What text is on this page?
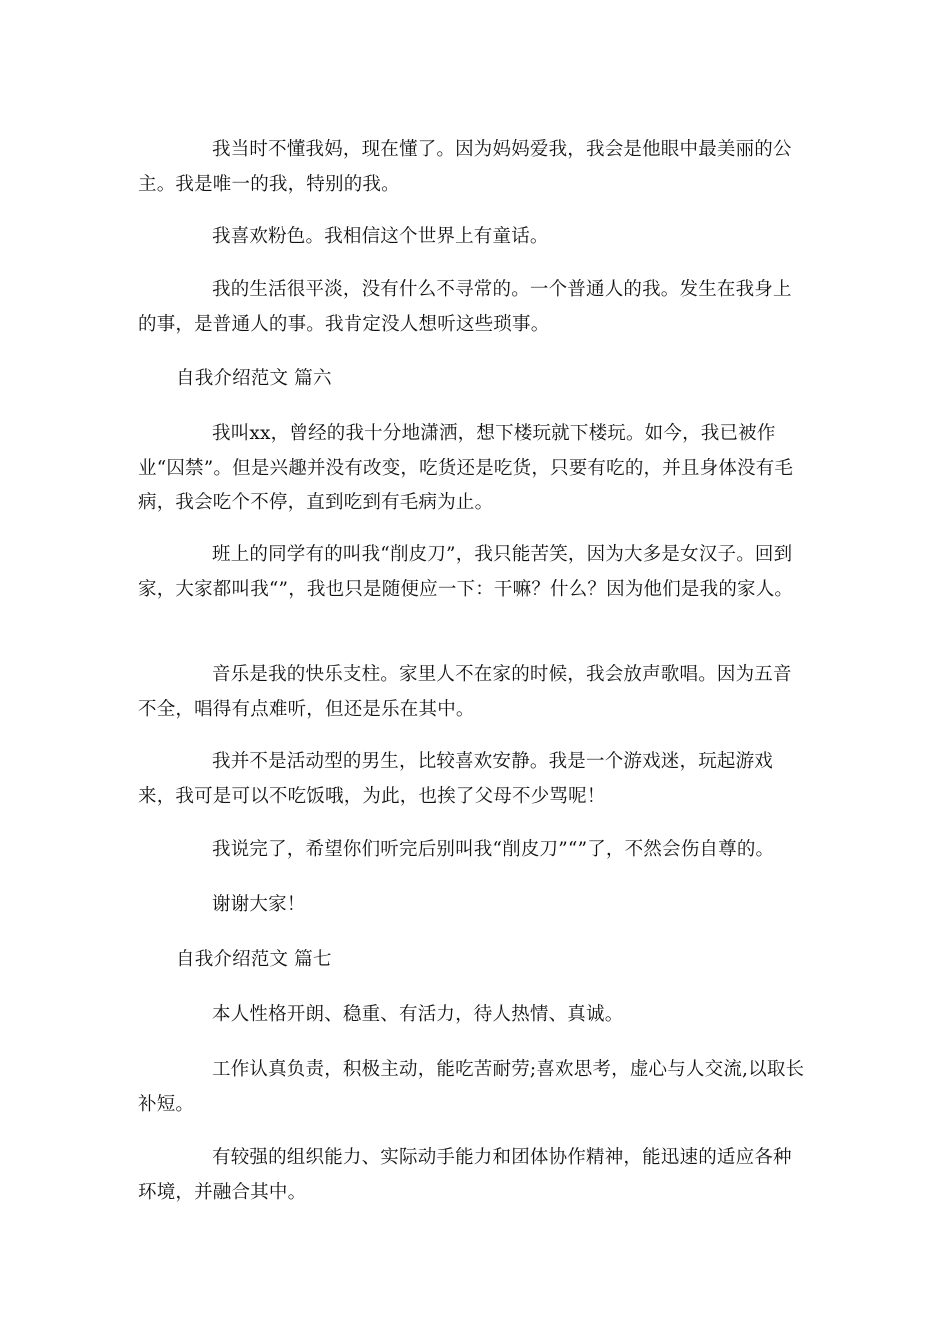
我当时不懂我妈，现在懂了。因为妈妈爱我，我会是他眼中最美丽的公主。我是唯一的我，特别的我。

我喜欢粉色。我相信这个世界上有童话。

我的生活很平淡，没有什么不寻常的。一个普通人的我。发生在我身上的事，是普通人的事。我肯定没人想听这些琐事。

自我介绍范文 篇六

我叫xx，曾经的我十分地潇洒，想下楼玩就下楼玩。如今，我已被作业“囚禁”。但是兴趣并没有改变，吃货还是吃货，只要有吃的，并且身体没有毛病，我会吃个不停，直到吃到有毛病为止。

班上的同学有的叫我“削皮刀”，我只能苦笑，因为大多是女汉子。回到家，大家都叫我“”，我也只是随便应一下：干嘛？什么？因为他们是我的家人。

音乐是我的快乐支柱。家里人不在家的时候，我会放声歌唱。因为五音不全，唱得有点难听，但还是乐在其中。

我并不是活动型的男生，比较喜欢安静。我是一个游戏迷，玩起游戏来，我可是可以不吃饭哦，为此，也挨了父母不少骂呢！

我说完了，希望你们听完后别叫我“削皮刀”“”了，不然会伤自尊的。

谢谢大家！

自我介绍范文 篇七

本人性格开朗、稳重、有活力，待人热情、真诚。

工作认真负责，积极主动，能吃苦耐劳;喜欢思考，虚心与人交流,以取长补短。

有较强的组织能力、实际动手能力和团体协作精神，能迅速的适应各种环境，并融合其中。
